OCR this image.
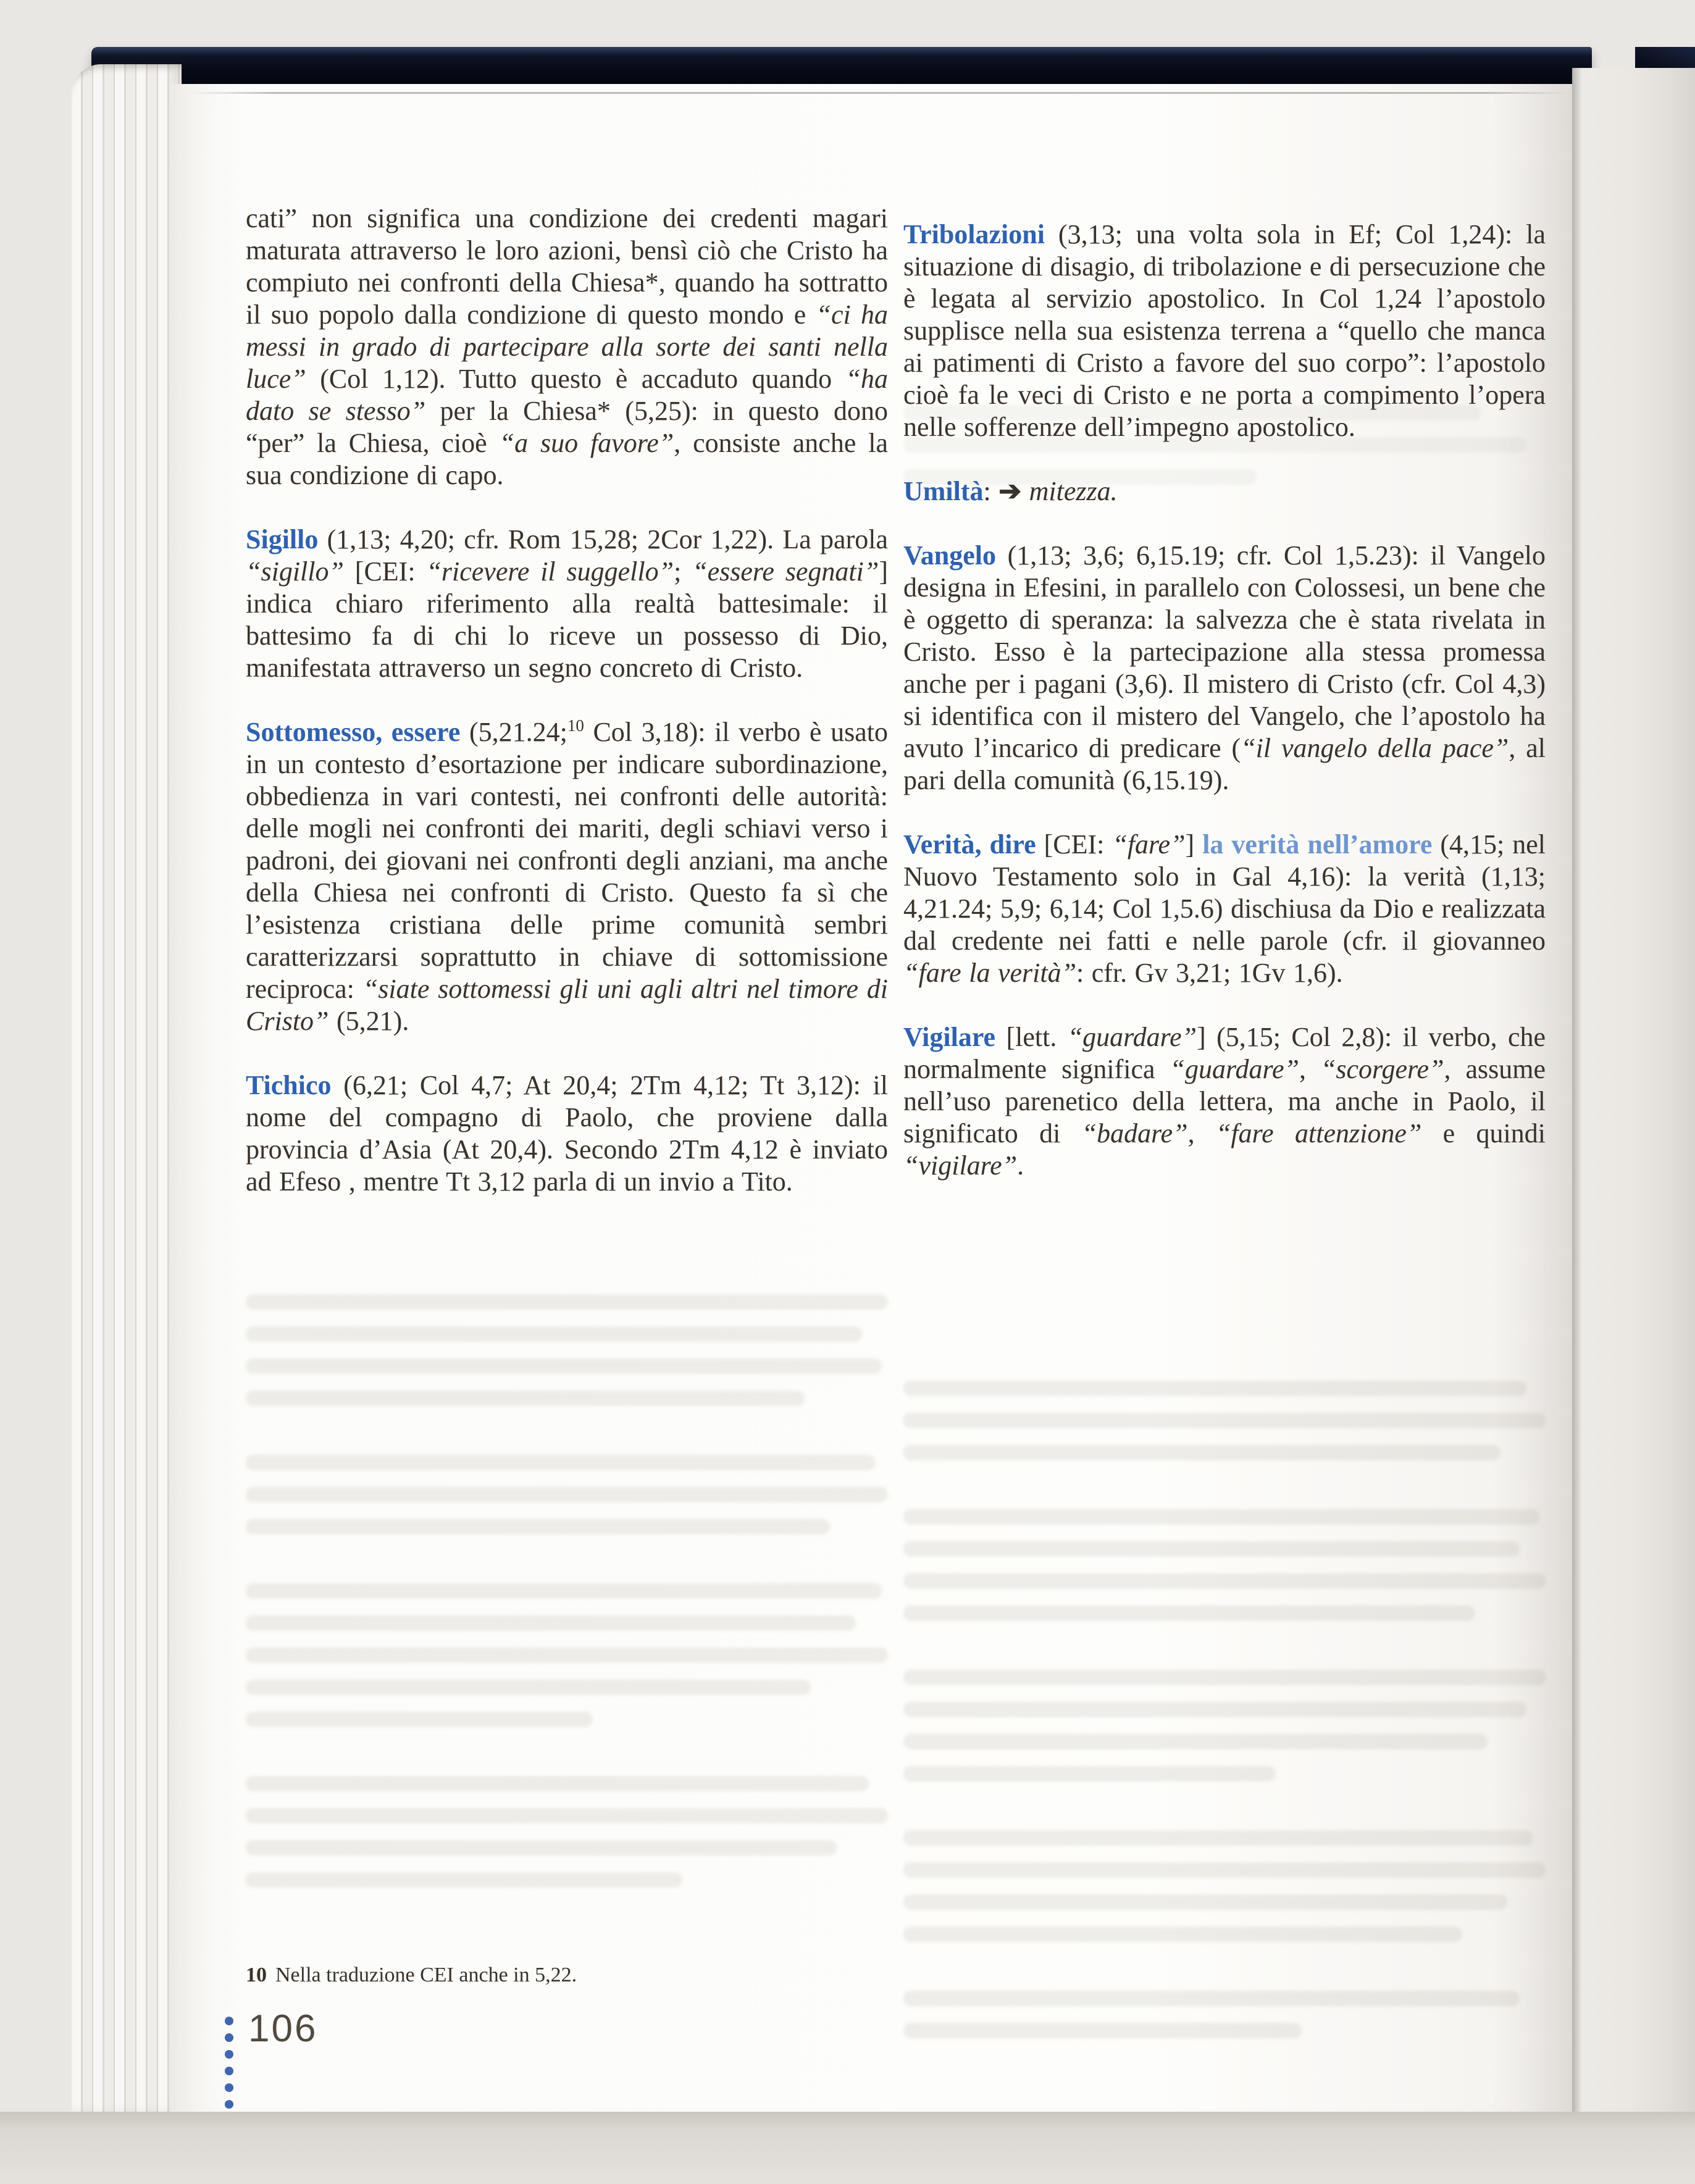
cati” non significa una condizione dei credenti magari maturata attraverso le loro azioni, bensì ciò che Cristo ha compiuto nei confronti della Chiesa*, quando ha sottratto il suo popolo dalla condizione di questo mondo e “ci ha messi in grado di partecipare alla sorte dei santi nella luce” (Col 1,12). Tutto questo è accaduto quando “ha dato se stesso” per la Chiesa* (5,25): in questo dono “per” la Chiesa, cioè “a suo favore”, consiste anche la sua condizione di capo.

Sigillo (1,13; 4,20; cfr. Rom 15,28; 2Cor 1,22). La parola “sigillo” [CEI: “ricevere il suggello”; “essere segnati”] indica chiaro riferimento alla realtà battesimale: il battesimo fa di chi lo riceve un possesso di Dio, manifestata attraverso un segno concreto di Cristo.

Sottomesso, essere (5,21.24;$^{10}$ Col 3,18): il verbo è usato in un contesto d’esortazione per indicare subordinazione, obbedienza in vari contesti, nei confronti delle autorità: delle mogli nei confronti dei mariti, degli schiavi verso i padroni, dei giovani nei confronti degli anziani, ma anche della Chiesa nei confronti di Cristo. Questo fa sì che l’esistenza cristiana delle prime comunità sembri caratterizzarsi soprattutto in chiave di sottomissione reciproca: “siate sottomessi gli uni agli altri nel timore di Cristo” (5,21).

Tichico (6,21; Col 4,7; At 20,4; 2Tm 4,12; Tt 3,12): il nome del compagno di Paolo, che proviene dalla provincia d’Asia (At 20,4). Secondo 2Tm 4,12 è inviato ad Efeso , mentre Tt 3,12 parla di un invio a Tito.

Tribolazioni (3,13; una volta sola in Ef; Col 1,24): la situazione di disagio, di tribolazione e di persecuzione che è legata al servizio apostolico. In Col 1,24 l’apostolo supplisce nella sua esistenza terrena a “quello che manca ai patimenti di Cristo a favore del suo corpo”: l’apostolo cioè fa le veci di Cristo e ne porta a compimento l’opera nelle sofferenze dell’impegno apostolico.

Umiltà: ➔ mitezza.

Vangelo (1,13; 3,6; 6,15.19; cfr. Col 1,5.23): il Vangelo designa in Efesini, in parallelo con Colossesi, un bene che è oggetto di speranza: la salvezza che è stata rivelata in Cristo. Esso è la partecipazione alla stessa promessa anche per i pagani (3,6). Il mistero di Cristo (cfr. Col 4,3) si identifica con il mistero del Vangelo, che l’apostolo ha avuto l’incarico di predicare (“il vangelo della pace”, al pari della comunità (6,15.19).

Verità, dire [CEI: “fare”] la verità nell’amore (4,15; nel Nuovo Testamento solo in Gal 4,16): la verità (1,13; 4,21.24; 5,9; 6,14; Col 1,5.6) dischiusa da Dio e realizzata dal credente nei fatti e nelle parole (cfr. il giovanneo “fare la verità”: cfr. Gv 3,21; 1Gv 1,6).

Vigilare [lett. “guardare”] (5,15; Col 2,8): il verbo, che normalmente significa “guardare”, “scorgere”, assume nell’uso parenetico della lettera, ma anche in Paolo, il significato di “badare”, “fare attenzione” e quindi “vigilare”.

10 Nella traduzione CEI anche in 5,22.
106
